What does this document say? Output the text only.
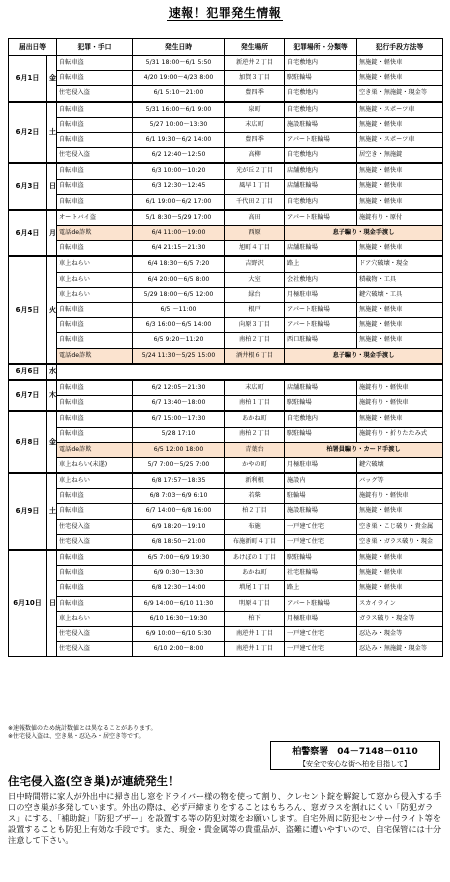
速報！犯罪発生情報
届出日等		犯罪・手口	発生日時	発生場所	犯罪場所・分類等	犯行手段方法等
6月1日	金	自転車盗	5/31 18:00～6/1 5:50	新逆井２丁目	自宅敷地内	無施錠・軽快車
		自転車盗	4/20 19:00～4/23 8:00	加賀３丁目	駅駐輪場	無施錠・軽快車
		住宅侵入盗	6/1 5:10～21:00	豊四季	自宅敷地内	空き巣・無施錠・現金等
6月2日	土	自転車盗	5/31 16:00～6/1 9:00	泉町	自宅敷地内	無施錠・スポーツ車
		自転車盗	5/27 10:00～13:30	末広町	施設駐輪場	無施錠・軽快車
		自転車盗	6/1 19:30～6/2 14:00	豊四季	アパート駐輪場	無施錠・スポーツ車
		住宅侵入盗	6/2 12:40～12:50	高柳	自宅敷地内	居空き・無施錠
6月3日	日	自転車盗	6/3 10:00～10:20	光が丘２丁目	店舗敷地内	無施錠・軽快車
		自転車盗	6/3 12:30～12:45	風早１丁目	店舗駐輪場	無施錠・軽快車
		自転車盗	6/1 19:00～6/2 17:00	千代田２丁目	自宅敷地内	無施錠・軽快車
6月4日	月	オートバイ盗	5/1 8:30～5/29 17:00	高田	アパート駐輪場	施錠有り・原付
		電話de詐欺	6/4 11:00～19:00	西原	息子騙り・現金手渡し	
		自転車盗	6/4 21:15～21:30	旭町４丁目	店舗駐輪場	無施錠・軽快車
6月5日	火	車上ねらい	6/4 18:30～6/5 7:20	吉野沢	路上	ドア穴破壊・現金
		車上ねらい	6/4 20:00～6/5 8:00	大室	会社敷地内	積載物・工具
		車上ねらい	5/29 18:00～6/5 12:00	緑台	月極駐車場	鍵穴破壊・工具
		自転車盗	6/5 ～11:00	根戸	アパート駐輪場	無施錠・軽快車
		自転車盗	6/3 16:00～6/5 14:00	向原３丁目	アパート駐輪場	無施錠・軽快車
		自転車盗	6/5 9:20～11:20	南柏２丁目	西口駐輪場	無施錠・軽快車
		電話de詐欺	5/24 11:30～5/25 15:00	酒井根６丁目	息子騙り・現金手渡し	
6月6日	水					
6月7日	木	自転車盗	6/2 12:05～21:30	末広町	店舗駐輪場	施錠有り・軽快車
		自転車盗	6/7 13:40～18:00	南柏１丁目	駅駐輪場	施錠有り・軽快車
6月8日	金	自転車盗	6/7 15:00～17:30	あかね町	自宅敷地内	無施錠・軽快車
		自転車盗	5/28 17:10	南柏２丁目	駅駐輪場	施錠有り・折りたたみ式
		電話de詐欺	6/5 12:00 18:00	青葉台	柏署員騙り・カード手渡し	
		車上ねらい(未遂)	5/7 7:00～5/25 7:00	かやの町	月極駐車場	鍵穴破壊
6月9日	土	車上ねらい	6/8 17:57～18:35	新利根	施設内	バッグ等
		自転車盗	6/8 7:03～6/9 6:10	若柴	駐輪場	施錠有り・軽快車
		自転車盗	6/7 14:00～6/8 16:00	柏２丁目	施設駐輪場	無施錠・軽快車
		住宅侵入盗	6/9 18:20～19:10	布施	一戸建て住宅	空き巣・こじ破り・貴金属
		住宅侵入盗	6/8 18:50～21:00	布施新町４丁目	一戸建て住宅	空き巣・ガラス破り・現金
6月10日	日	自転車盗	6/5 7:00～6/9 19:30	あけぼの１丁目	駅駐輪場	無施錠・軽快車
		自転車盗	6/9 0:30～13:30	あかね町	社宅駐輪場	無施錠・軽快車
		自転車盗	6/8 12:30～14:00	増尾１丁目	路上	無施錠・軽快車
		自転車盗	6/9 14:00～6/10 11:30	明原４丁目	アパート駐輪場	スカイライン
		車上ねらい	6/10 16:30～19:30	柏下	月極駐車場	ガラス破り・現金等
		住宅侵入盗	6/9 10:00～6/10 5:30	南逆井１丁目	一戸建て住宅	忍込み・現金等
		住宅侵入盗	6/10 2:00～8:00	南逆井１丁目	一戸建て住宅	忍込み・無施錠・現金等
※速報数値のため統計数値とは異なることがあります。
※住宅侵入盗は、空き巣・忍込み・居空き等です。
柏警察署　04－7148－0110
【安全で安心な街へ柏を目指して】
住宅侵入盗(空き巣)が連続発生！
日中時間帯に家人が外出中に掃き出し窓をドライバー様の物を使って割り、クレセント錠を解錠して窓から侵入する手口の空き巣が多発しています。外出の際は、必ず戸締まりをすることはもちろん、窓ガラスを割れにくい「防犯ガラス」にする、「補助錠」「防犯ブザー」を設置する等の防犯対策をお願いします。自宅外周に防犯センサー付ライト等を設置することも防犯上有効な手段です。また、現金・貴金属等の貴重品が、盗難に遭いやすいので、自宅保管には十分注意して下さい。
